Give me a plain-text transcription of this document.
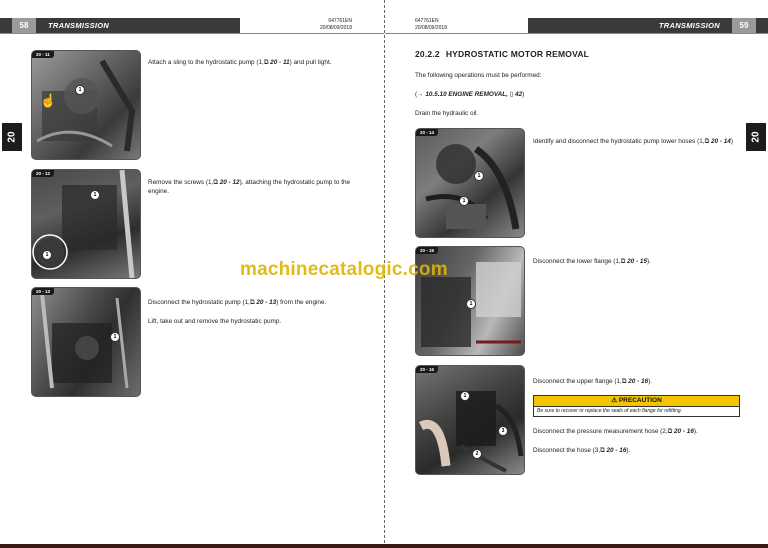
58	TRANSMISSION	647761EN
20/08/09/2018
20
20 - 11
1
☝
Attach a sling to the hydrostatic pump (1,⧉ 20 - 11) and pull tight.
20 - 12
1
1
Remove the screws (1,⧉ 20 - 12), attaching the hydrostatic pump to the engine.
20 - 13
1
Disconnect the hydrostatic pump (1,⧉ 20 - 13) from the engine.
Lift, take out and remove the hydrostatic pump.
59
TRANSMISSION
647761EN
20/08/09/2018
20
20.2.2 HYDROSTATIC MOTOR REMOVAL
The following operations must be performed:
(→ 10.5.10 ENGINE REMOVAL, ▯ 42)
Drain the hydraulic oil.
20 - 14
1
1
Identify and disconnect the hydrostatic pump lower hoses (1,⧉ 20 - 14)
20 - 15
1
Disconnect the lower flange (1,⧉ 20 - 15).
20 - 16
1
2
3
Disconnect the upper flange (1,⧉ 20 - 16).
⚠ PRECAUTION
Be sure to recover or replace the seals of each flange for refitting.
Disconnect the pressure measurement hose (2,⧉ 20 - 16).
Disconnect the hose (3,⧉ 20 - 16).
machinecatalogic.com
